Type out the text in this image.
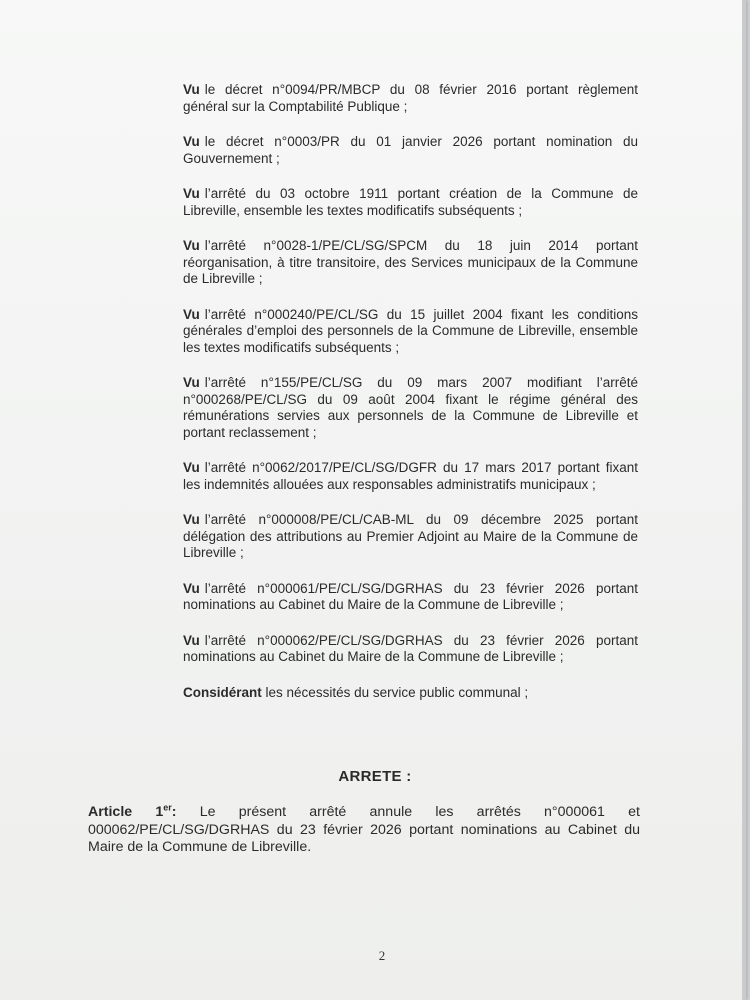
Vu le décret n°0094/PR/MBCP du 08 février 2016 portant règlement général sur la Comptabilité Publique ;

Vu le décret n°0003/PR du 01 janvier 2026 portant nomination du Gouvernement ;

Vu l’arrêté du 03 octobre 1911 portant création de la Commune de Libreville, ensemble les textes modificatifs subséquents ;

Vu l’arrêté n°0028-1/PE/CL/SG/SPCM du 18 juin 2014 portant réorganisation, à titre transitoire, des Services municipaux de la Commune de Libreville ;

Vu l’arrêté n°000240/PE/CL/SG du 15 juillet 2004 fixant les conditions générales d’emploi des personnels de la Commune de Libreville, ensemble les textes modificatifs subséquents ;

Vu l’arrêté n°155/PE/CL/SG du 09 mars 2007 modifiant l’arrêté n°000268/PE/CL/SG du 09 août 2004 fixant le régime général des rémunérations servies aux personnels de la Commune de Libreville et portant reclassement ;

Vu l’arrêté n°0062/2017/PE/CL/SG/DGFR du 17 mars 2017 portant fixant les indemnités allouées aux responsables administratifs municipaux ;

Vu l’arrêté n°000008/PE/CL/CAB-ML du 09 décembre 2025 portant délégation des attributions au Premier Adjoint au Maire de la Commune de Libreville ;

Vu l’arrêté n°000061/PE/CL/SG/DGRHAS du 23 février 2026 portant nominations au Cabinet du Maire de la Commune de Libreville ;

Vu l’arrêté n°000062/PE/CL/SG/DGRHAS du 23 février 2026 portant nominations au Cabinet du Maire de la Commune de Libreville ;

Considérant les nécessités du service public communal ;

ARRETE :
Article 1er: Le présent arrêté annule les arrêtés n°000061 et 000062/PE/CL/SG/DGRHAS du 23 février 2026 portant nominations au Cabinet du Maire de la Commune de Libreville.
2
